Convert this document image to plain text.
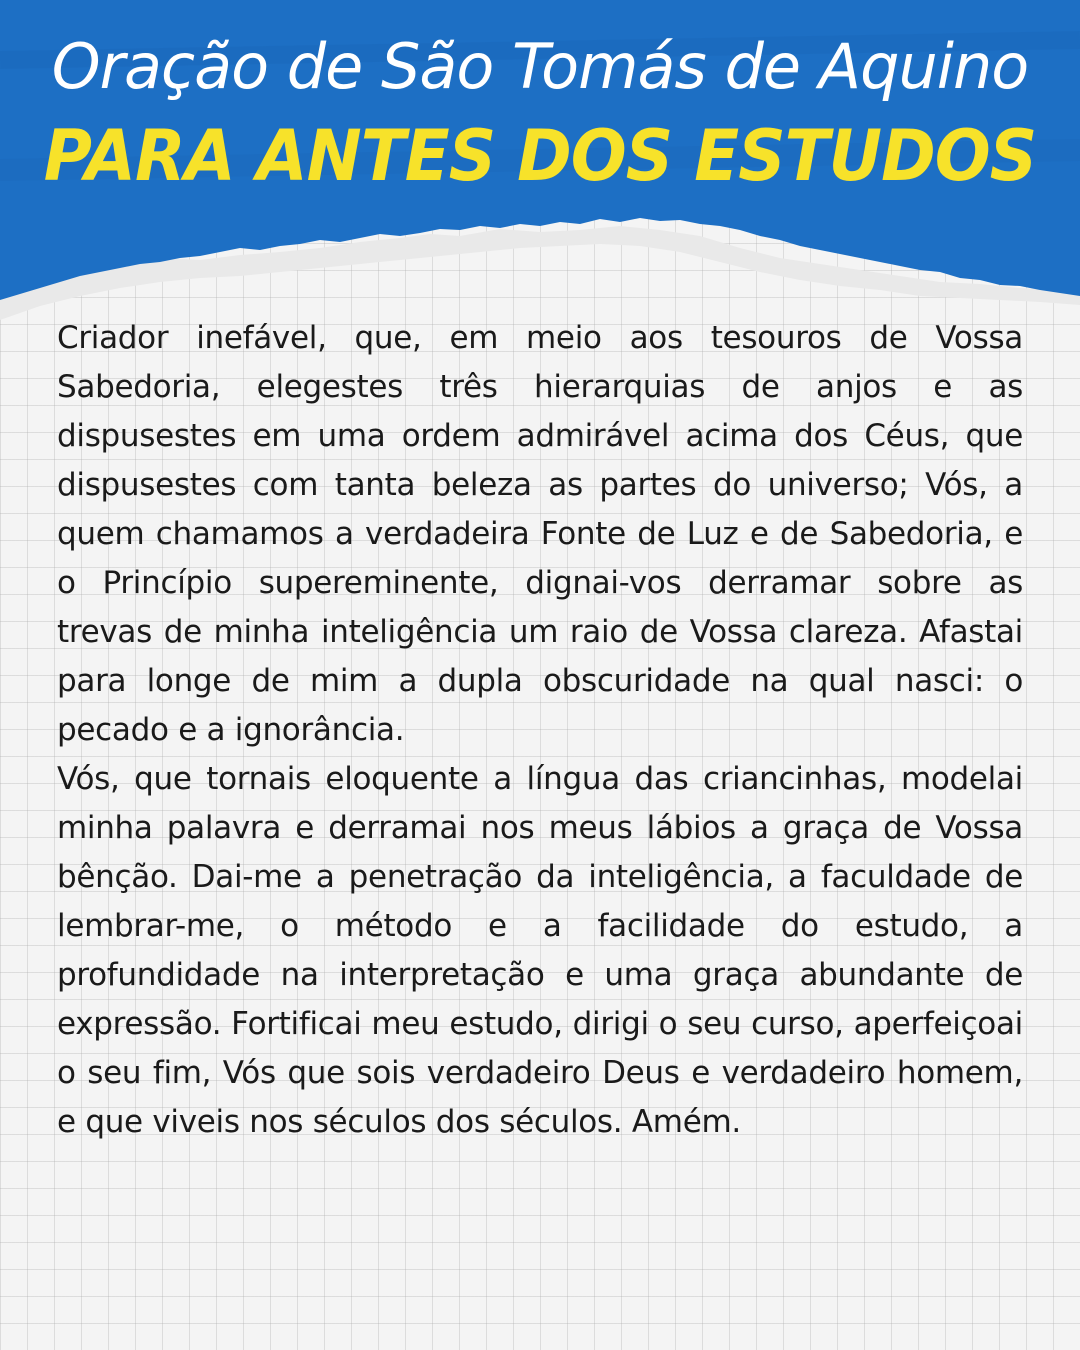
Oração de São Tomás de Aquino
PARA ANTES DOS ESTUDOS

Criador inefável, que, em meio aos tesouros de Vossa Sabedoria, elegestes três hierarquias de anjos e as dispusestes em uma ordem admirável acima dos Céus, que dispusestes com tanta beleza as partes do universo; Vós, a quem chamamos a verdadeira Fonte de Luz e de Sabedoria, e o Princípio supereminente, dignai-vos derramar sobre as trevas de minha inteligência um raio de Vossa clareza. Afastai para longe de mim a dupla obscuridade na qual nasci: o pecado e a ignorância.

Vós, que tornais eloquente a língua das criancinhas, modelai minha palavra e derramai nos meus lábios a graça de Vossa bênção. Dai-me a penetração da inteligência, a faculdade de lembrar-me, o método e a facilidade do estudo, a profundidade na interpretação e uma graça abundante de expressão. Fortificai meu estudo, dirigi o seu curso, aperfeiçoai o seu fim, Vós que sois verdadeiro Deus e verdadeiro homem, e que viveis nos séculos dos séculos. Amém.
